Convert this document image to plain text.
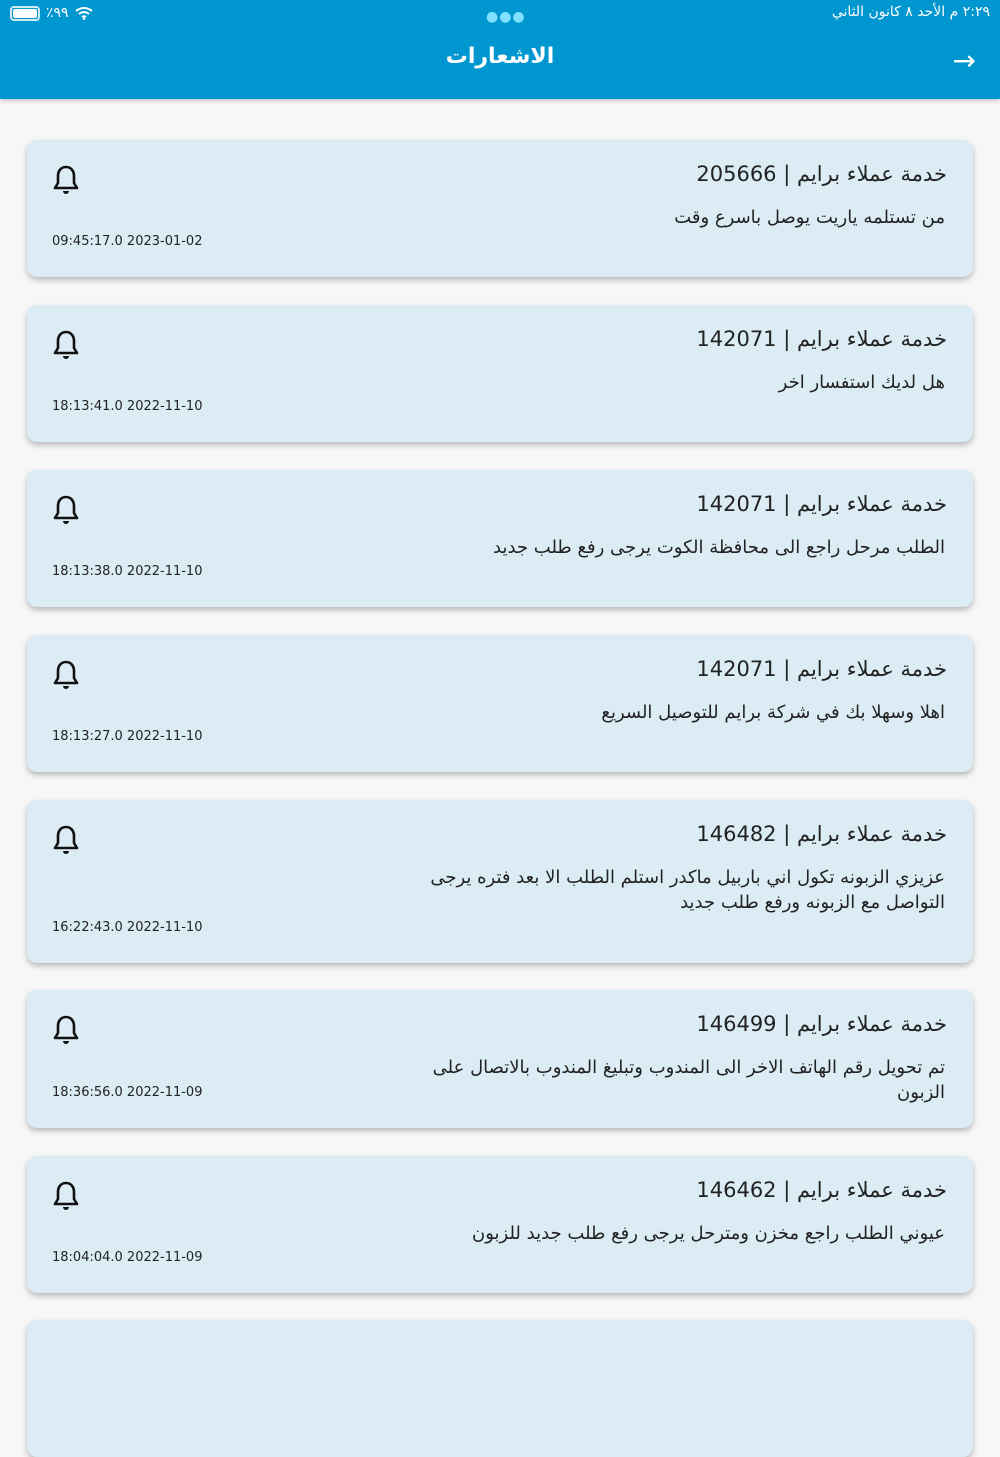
٪۹۹	●●●	٢:٢٩ م الأحد ٨ كانون الثاني
الاشعارات	→
خدمة عملاء برايم | 205666
من تستلمه ياريت يوصل باسرع وقت
09:45:17.0 2023-01-02
خدمة عملاء برايم | 142071
هل لديك استفسار اخر
18:13:41.0 2022-11-10
خدمة عملاء برايم | 142071
الطلب مرحل راجع الى محافظة الكوت يرجى رفع طلب جديد
18:13:38.0 2022-11-10
خدمة عملاء برايم | 142071
اهلا وسهلا بك في شركة برايم للتوصيل السريع
18:13:27.0 2022-11-10
خدمة عملاء برايم | 146482
عزيزي الزبونه تكول اني باربيل ماكدر استلم الطلب الا بعد فتره يرجى التواصل مع الزبونه ورفع طلب جديد
16:22:43.0 2022-11-10
خدمة عملاء برايم | 146499
تم تحويل رقم الهاتف الاخر الى المندوب وتبليغ المندوب بالاتصال على الزبون
18:36:56.0 2022-11-09
خدمة عملاء برايم | 146462
عيوني الطلب راجع مخزن ومترحل يرجى رفع طلب جديد للزبون
18:04:04.0 2022-11-09
